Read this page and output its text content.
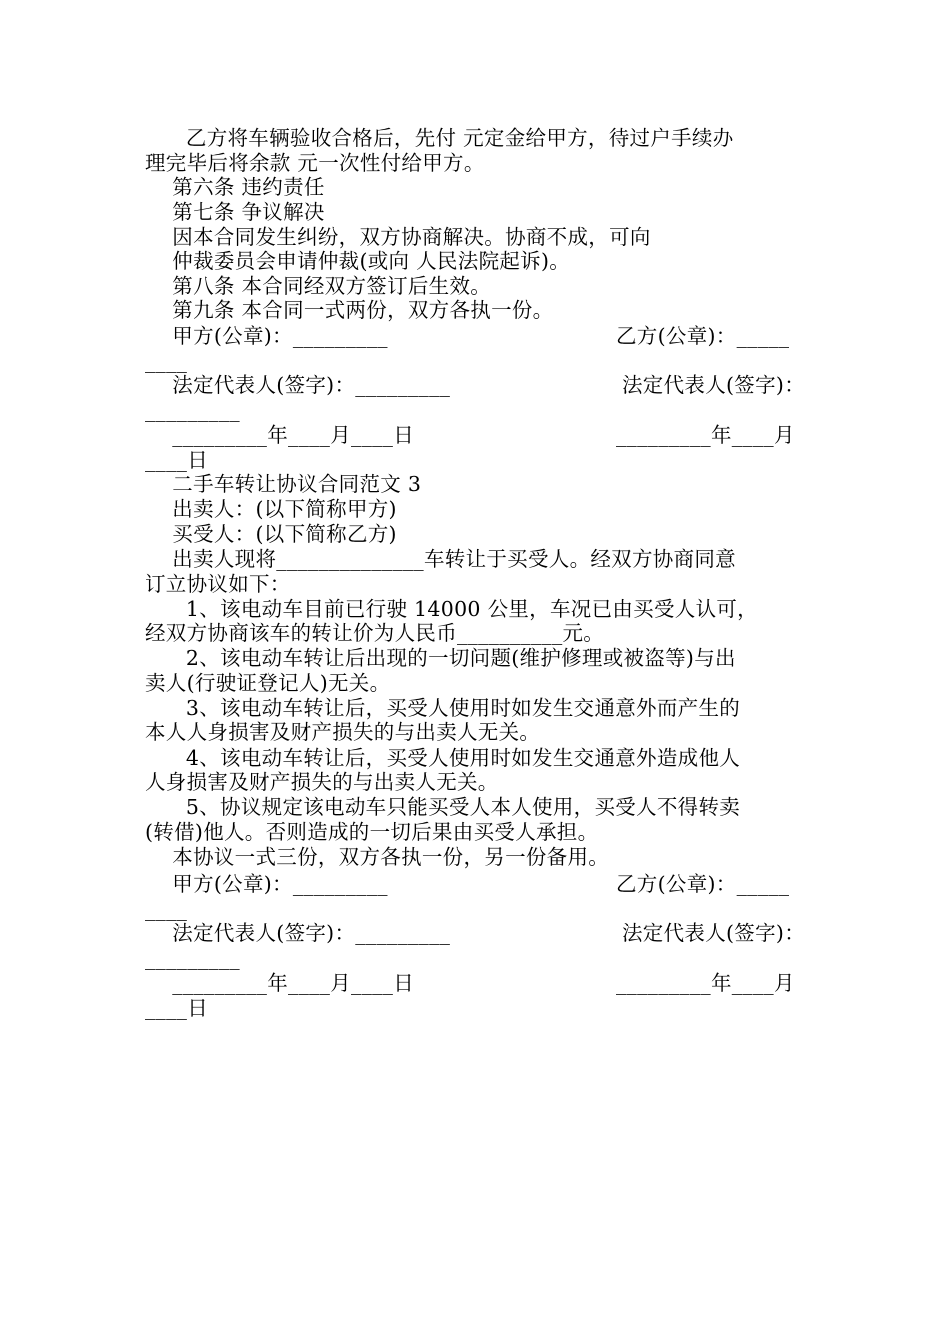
乙方将车辆验收合格后，先付 元定金给甲方，待过户手续办
理完毕后将余款 元一次性付给甲方。
第六条 违约责任
第七条 争议解决
因本合同发生纠纷，双方协商解决。协商不成，可向
仲裁委员会申请仲裁(或向 人民法院起诉)。
第八条 本合同经双方签订后生效。
第九条 本合同一式两份，双方各执一份。
甲方(公章)：_________	乙方(公章)：_____
____
法定代表人(签字)：_________	法定代表人(签字)：
_________
_________年____月____日	_________年____月
____日
二手车转让协议合同范文 3
出卖人：(以下简称甲方)
买受人：(以下简称乙方)
出卖人现将______________车转让于买受人。经双方协商同意
订立协议如下：
1、该电动车目前已行驶 14000 公里，车况已由买受人认可，
经双方协商该车的转让价为人民币__________元。
2、该电动车转让后出现的一切问题(维护修理或被盗等)与出
卖人(行驶证登记人)无关。
3、该电动车转让后，买受人使用时如发生交通意外而产生的
本人人身损害及财产损失的与出卖人无关。
4、该电动车转让后，买受人使用时如发生交通意外造成他人
人身损害及财产损失的与出卖人无关。
5、协议规定该电动车只能买受人本人使用，买受人不得转卖
(转借)他人。否则造成的一切后果由买受人承担。
本协议一式三份，双方各执一份，另一份备用。
甲方(公章)：_________	乙方(公章)：_____
____
法定代表人(签字)：_________	法定代表人(签字)：
_________
_________年____月____日	_________年____月
____日
